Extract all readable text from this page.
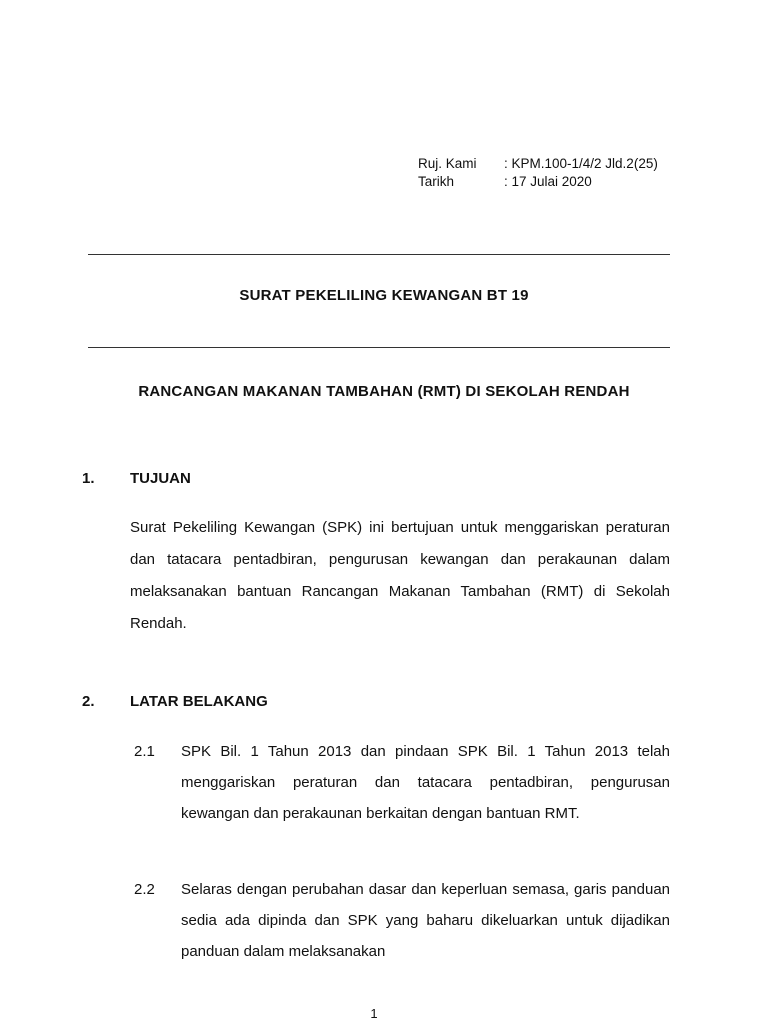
Ruj. Kami	: KPM.100-1/4/2 Jld.2(25)
Tarikh	: 17 Julai 2020
SURAT PEKELILING KEWANGAN BT 19
RANCANGAN MAKANAN TAMBAHAN (RMT) DI SEKOLAH RENDAH
1.	TUJUAN
Surat Pekeliling Kewangan (SPK) ini bertujuan untuk menggariskan peraturan dan tatacara pentadbiran, pengurusan kewangan dan perakaunan dalam melaksanakan bantuan Rancangan Makanan Tambahan (RMT) di Sekolah Rendah.
2.	LATAR BELAKANG
2.1	SPK Bil. 1 Tahun 2013 dan pindaan SPK Bil. 1 Tahun 2013 telah menggariskan peraturan dan tatacara pentadbiran, pengurusan kewangan dan perakaunan berkaitan dengan bantuan RMT.
2.2	Selaras dengan perubahan dasar dan keperluan semasa, garis panduan sedia ada dipinda dan SPK yang baharu dikeluarkan untuk dijadikan panduan dalam melaksanakan
1
